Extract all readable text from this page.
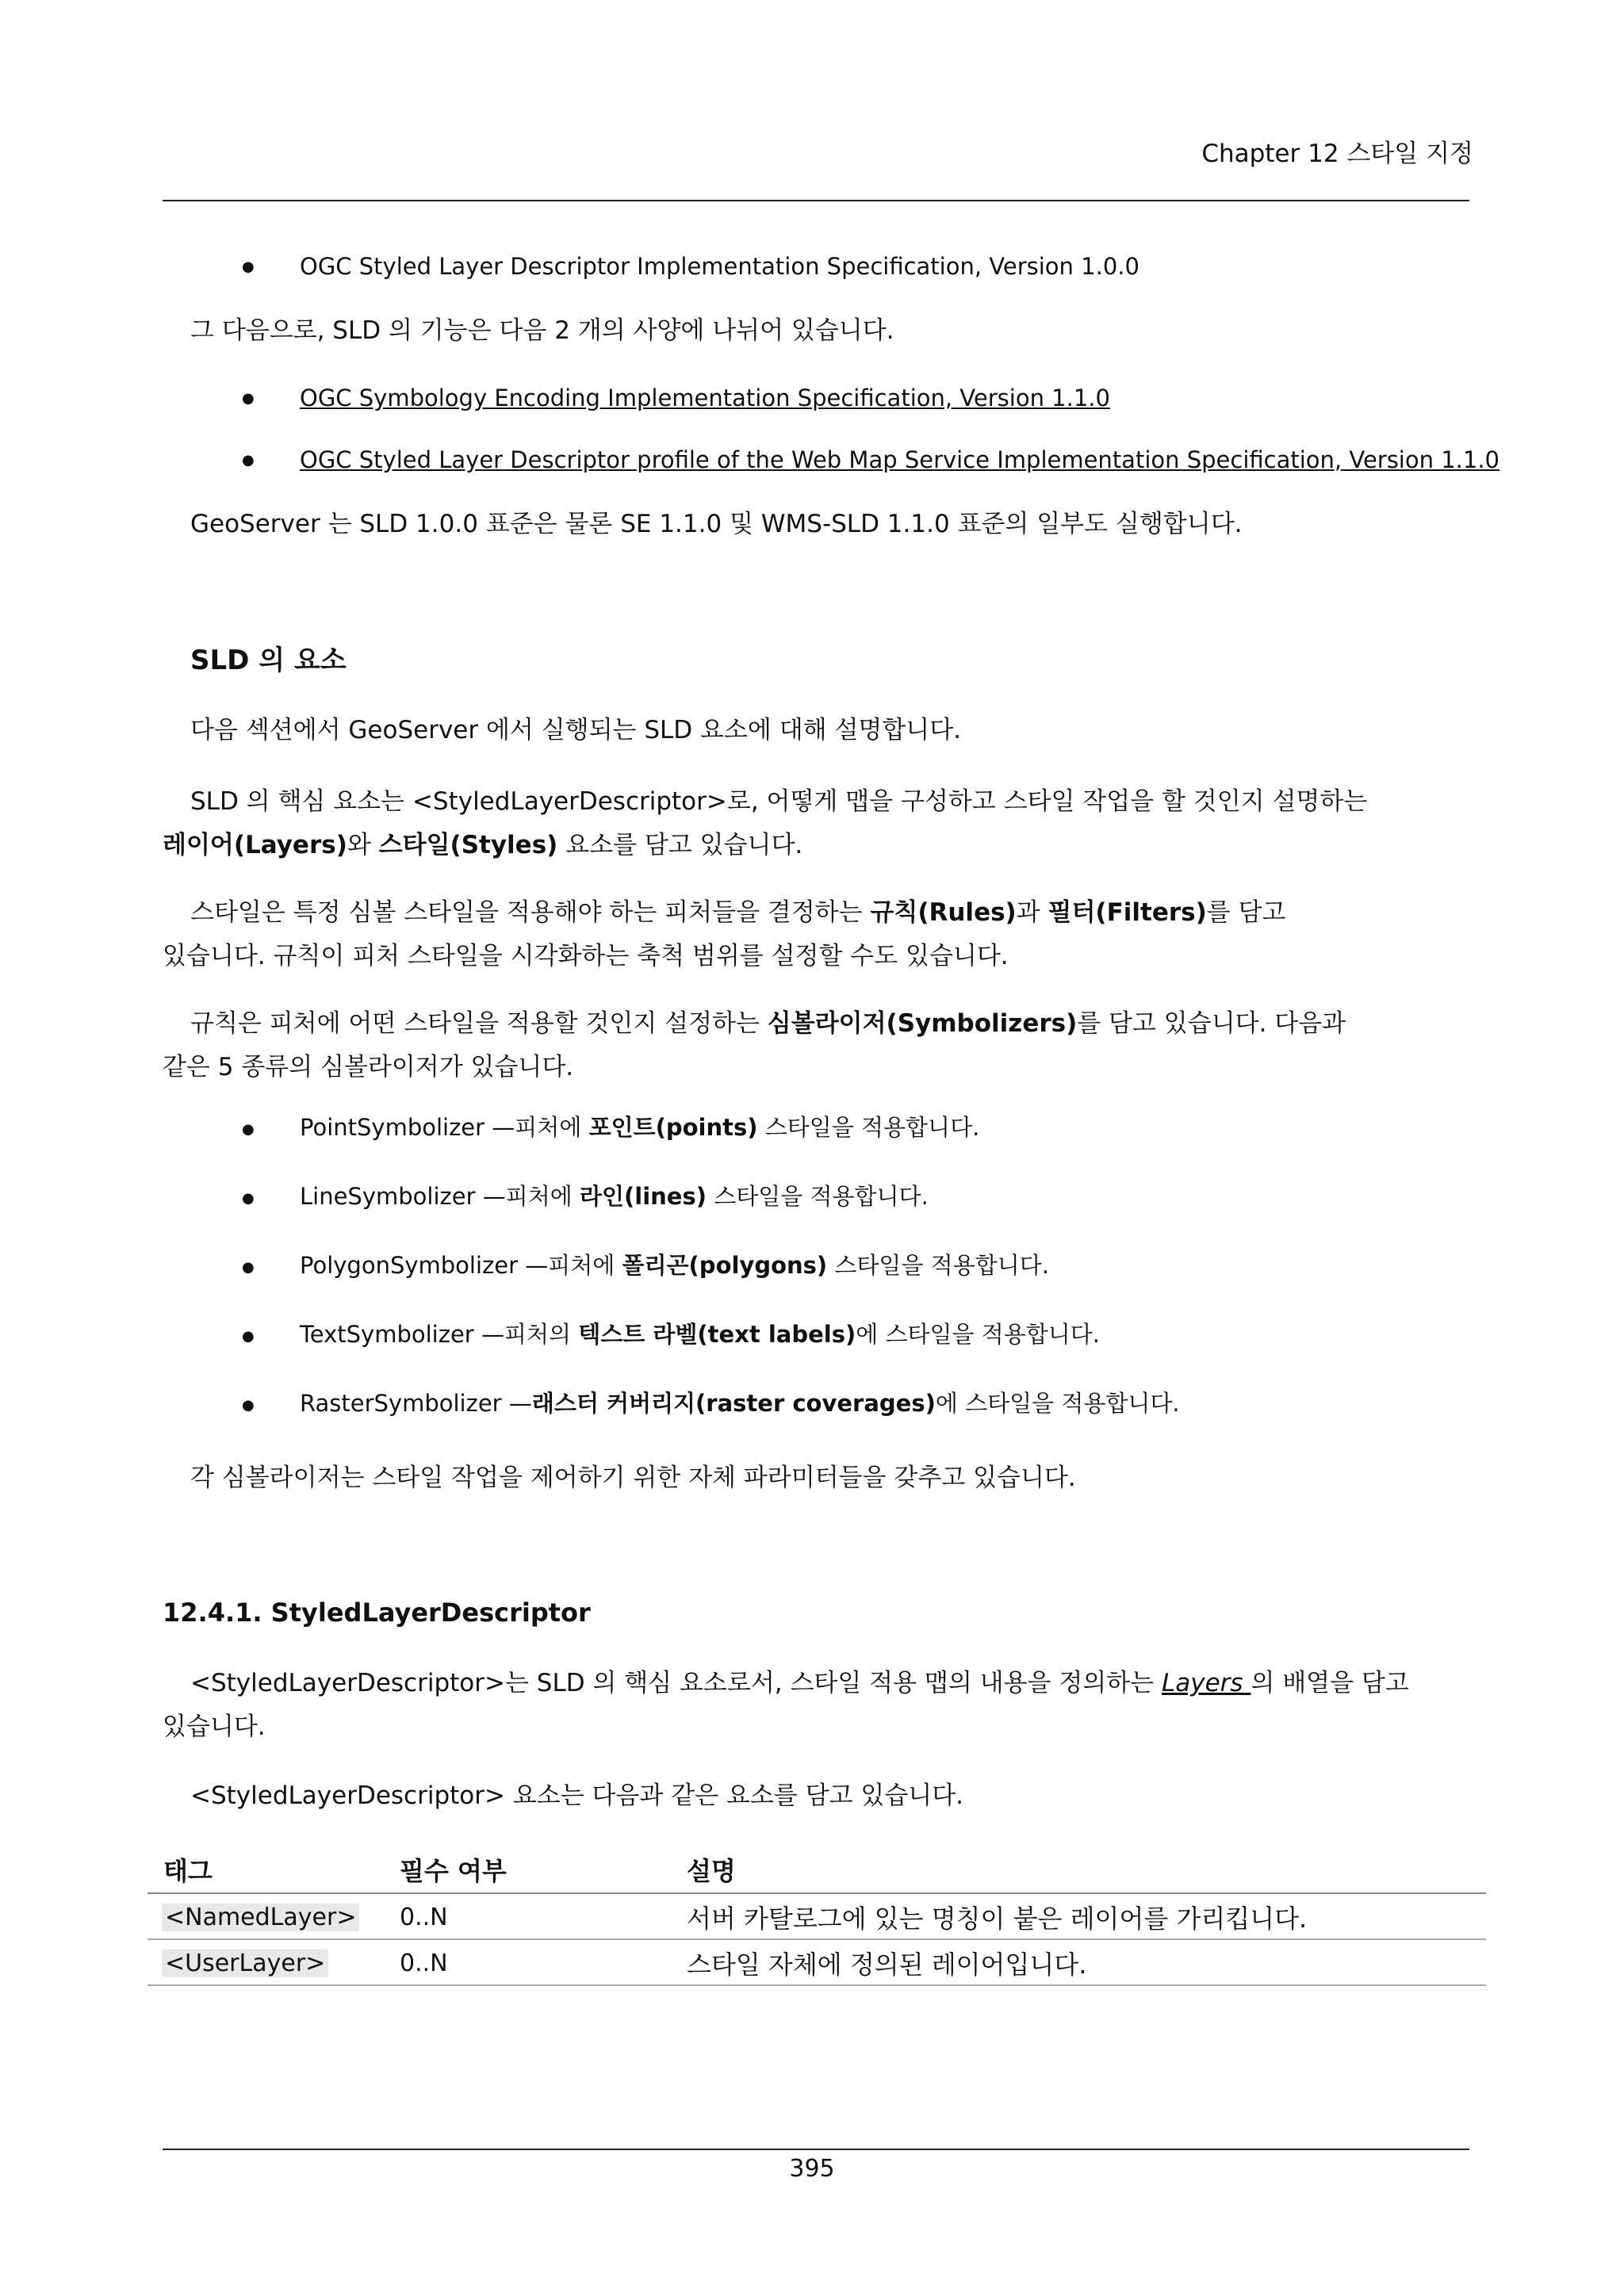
Chapter 12 스타일 지정
● OGC Styled Layer Descriptor Implementation Specification, Version 1.0.0
그 다음으로, SLD 의 기능은 다음 2 개의 사양에 나뉘어 있습니다.
● OGC Symbology Encoding Implementation Specification, Version 1.1.0
● OGC Styled Layer Descriptor profile of the Web Map Service Implementation Specification, Version 1.1.0
GeoServer 는 SLD 1.0.0 표준은 물론 SE 1.1.0 및 WMS-SLD 1.1.0 표준의 일부도 실행합니다.
SLD 의 요소
다음 섹션에서 GeoServer 에서 실행되는 SLD 요소에 대해 설명합니다.
SLD 의 핵심 요소는 <StyledLayerDescriptor>로, 어떻게 맵을 구성하고 스타일 작업을 할 것인지 설명하는
레이어(Layers)와 스타일(Styles) 요소를 담고 있습니다.
스타일은 특정 심볼 스타일을 적용해야 하는 피처들을 결정하는 규칙(Rules)과 필터(Filters)를 담고
있습니다. 규칙이 피처 스타일을 시각화하는 축척 범위를 설정할 수도 있습니다.
규칙은 피처에 어떤 스타일을 적용할 것인지 설정하는 심볼라이저(Symbolizers)를 담고 있습니다. 다음과
같은 5 종류의 심볼라이저가 있습니다.
● PointSymbolizer —피처에 포인트(points) 스타일을 적용합니다.
● LineSymbolizer —피처에 라인(lines) 스타일을 적용합니다.
● PolygonSymbolizer —피처에 폴리곤(polygons) 스타일을 적용합니다.
● TextSymbolizer —피처의 텍스트 라벨(text labels)에 스타일을 적용합니다.
● RasterSymbolizer —래스터 커버리지(raster coverages)에 스타일을 적용합니다.
각 심볼라이저는 스타일 작업을 제어하기 위한 자체 파라미터들을 갖추고 있습니다.
12.4.1. StyledLayerDescriptor
<StyledLayerDescriptor>는 SLD 의 핵심 요소로서, 스타일 적용 맵의 내용을 정의하는 Layers 의 배열을 담고
있습니다.
<StyledLayerDescriptor> 요소는 다음과 같은 요소를 담고 있습니다.
태그	필수 여부	설명
<NamedLayer> 0..N	서버 카탈로그에 있는 명칭이 붙은 레이어를 가리킵니다.
<UserLayer>	0..N	스타일 자체에 정의된 레이어입니다.
395
